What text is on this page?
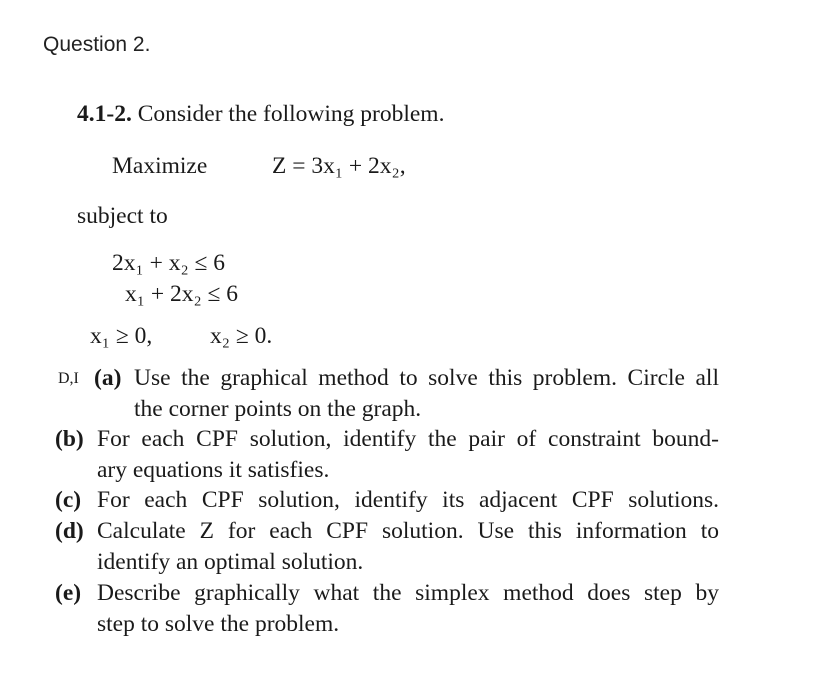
Question 2.
4.1-2. Consider the following problem.
Maximize	Z = 3x₁ + 2x₂,
subject to
2x₁ + x₂ ≤ 6
x₁ + 2x₂ ≤ 6
x₁ ≥ 0, x₂ ≥ 0.
D,I (a) Use the graphical method to solve this problem. Circle all
the corner points on the graph.
(b) For each CPF solution, identify the pair of constraint bound-
ary equations it satisfies.
(c) For each CPF solution, identify its adjacent CPF solutions.
(d) Calculate Z for each CPF solution. Use this information to
identify an optimal solution.
(e) Describe graphically what the simplex method does step by
step to solve the problem.
